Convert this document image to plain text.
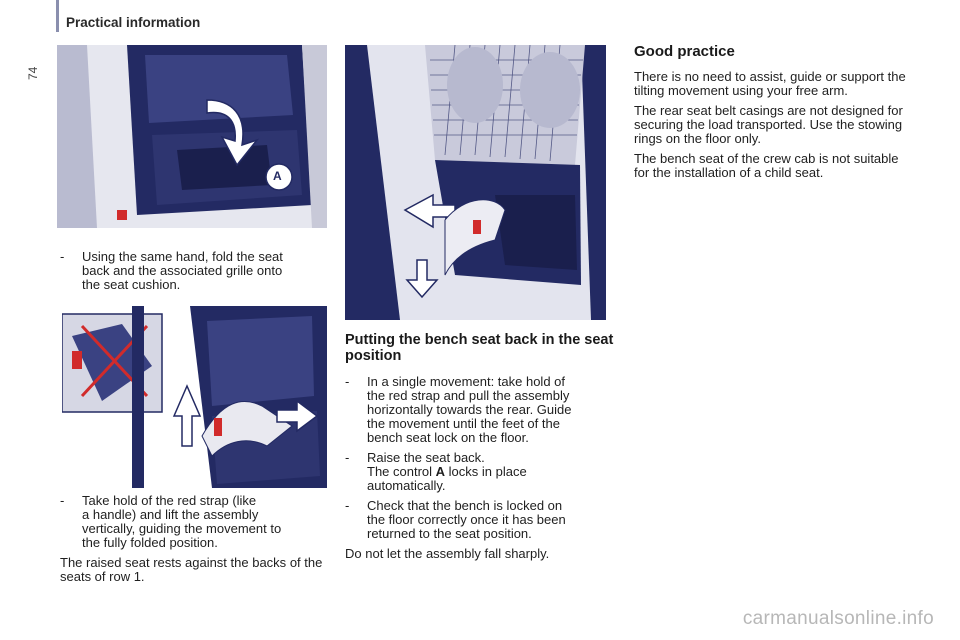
Practical information
74
A
- Using the same hand, fold the seat
back and the associated grille onto
the seat cushion.
- Take hold of the red strap (like
a handle) and lift the assembly
vertically, guiding the movement to
the fully folded position.
The raised seat rests against the backs of the seats of row 1.
Putting the bench seat back in the seat position
- In a single movement: take hold of
the red strap and pull the assembly
horizontally towards the rear. Guide
the movement until the feet of the
bench seat lock on the floor.
- Raise the seat back.
The control A locks in place
automatically.
- Check that the bench is locked on
the floor correctly once it has been
returned to the seat position.
Do not let the assembly fall sharply.
Good practice
There is no need to assist, guide or support the tilting movement using your free arm.
The rear seat belt casings are not designed for securing the load transported. Use the stowing rings on the floor only.
The bench seat of the crew cab is not suitable for the installation of a child seat.
carmanualsonline.info
